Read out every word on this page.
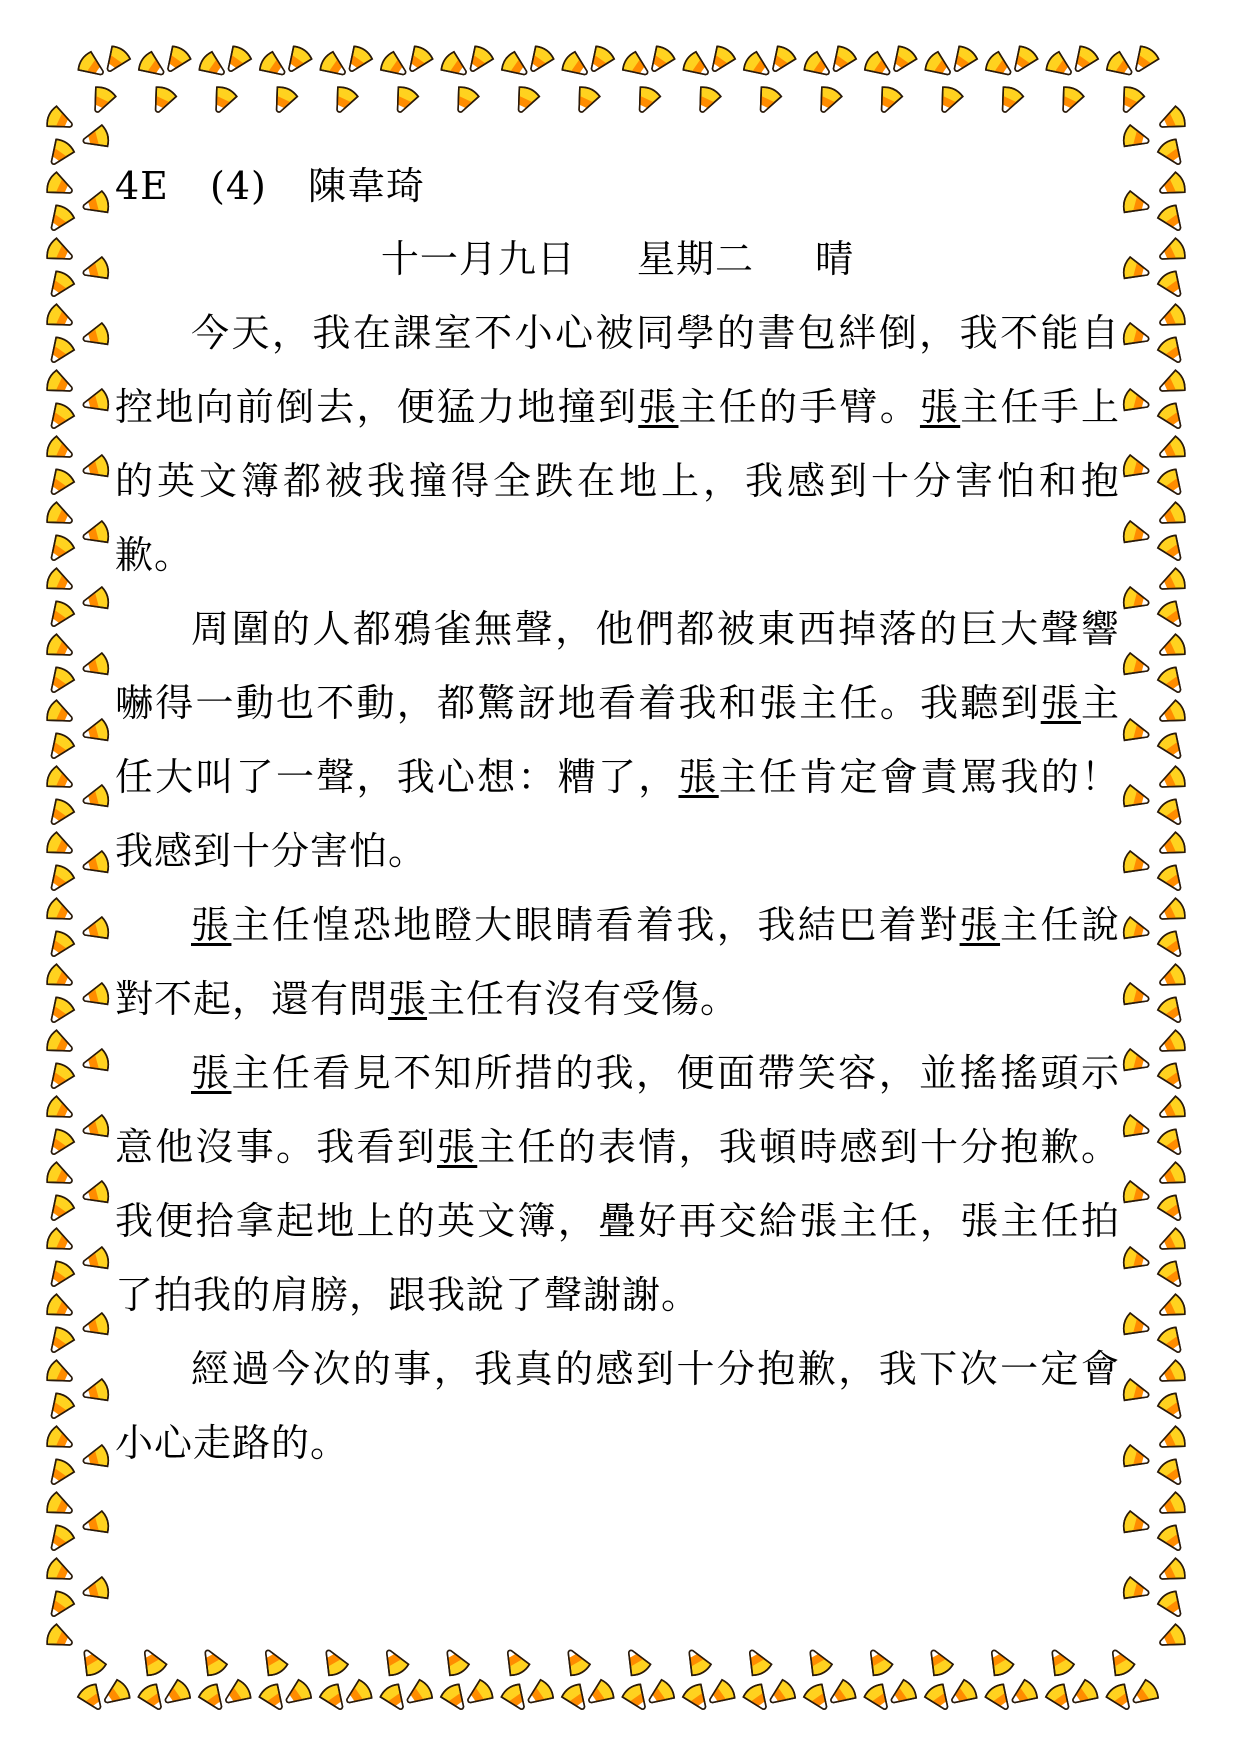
4E (4) 陳韋琦
十一月九日 星期二 晴

今天，我在課室不小心被同學的書包絆倒，我不能自控地向前倒去，便猛力地撞到張主任的手臂。張主任手上的英文簿都被我撞得全跌在地上，我感到十分害怕和抱歉。

周圍的人都鴉雀無聲，他們都被東西掉落的巨大聲響嚇得一動也不動，都驚訝地看着我和張主任。我聽到張主任大叫了一聲，我心想：糟了，張主任肯定會責罵我的！我感到十分害怕。

張主任惶恐地瞪大眼睛看着我，我結巴着對張主任說對不起，還有問張主任有沒有受傷。

張主任看見不知所措的我，便面帶笑容，並搖搖頭示意他沒事。我看到張主任的表情，我頓時感到十分抱歉。我便拾拿起地上的英文簿，疊好再交給張主任，張主任拍了拍我的肩膀，跟我說了聲謝謝。

經過今次的事，我真的感到十分抱歉，我下次一定會小心走路的。
